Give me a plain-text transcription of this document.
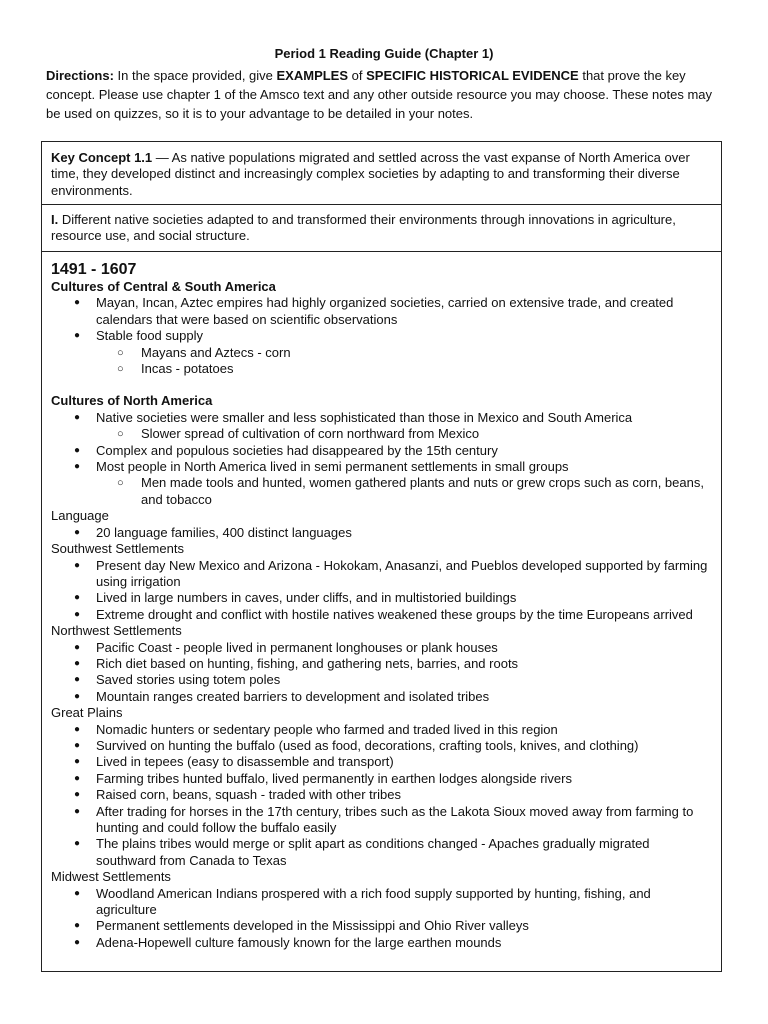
Period 1 Reading Guide (Chapter 1)
Directions: In the space provided, give EXAMPLES of SPECIFIC HISTORICAL EVIDENCE that prove the key concept. Please use chapter 1 of the Amsco text and any other outside resource you may choose. These notes may be used on quizzes, so it is to your advantage to be detailed in your notes.
Key Concept 1.1 — As native populations migrated and settled across the vast expanse of North America over time, they developed distinct and increasingly complex societies by adapting to and transforming their diverse environments.
I. Different native societies adapted to and transformed their environments through innovations in agriculture, resource use, and social structure.
1491 - 1607
Cultures of Central & South America
● Mayan, Incan, Aztec empires had highly organized societies, carried on extensive trade, and created calendars that were based on scientific observations
● Stable food supply
○ Mayans and Aztecs - corn
○ Incas - potatoes
Cultures of North America
● Native societies were smaller and less sophisticated than those in Mexico and South America
○ Slower spread of cultivation of corn northward from Mexico
● Complex and populous societies had disappeared by the 15th century
● Most people in North America lived in semi permanent settlements in small groups
○ Men made tools and hunted, women gathered plants and nuts or grew crops such as corn, beans, and tobacco
Language
● 20 language families, 400 distinct languages
Southwest Settlements
● Present day New Mexico and Arizona - Hokokam, Anasanzi, and Pueblos developed supported by farming using irrigation
● Lived in large numbers in caves, under cliffs, and in multistoried buildings
● Extreme drought and conflict with hostile natives weakened these groups by the time Europeans arrived
Northwest Settlements
● Pacific Coast - people lived in permanent longhouses or plank houses
● Rich diet based on hunting, fishing, and gathering nets, barries, and roots
● Saved stories using totem poles
● Mountain ranges created barriers to development and isolated tribes
Great Plains
● Nomadic hunters or sedentary people who farmed and traded lived in this region
● Survived on hunting the buffalo (used as food, decorations, crafting tools, knives, and clothing)
● Lived in tepees (easy to disassemble and transport)
● Farming tribes hunted buffalo, lived permanently in earthen lodges alongside rivers
● Raised corn, beans, squash - traded with other tribes
● After trading for horses in the 17th century, tribes such as the Lakota Sioux moved away from farming to hunting and could follow the buffalo easily
● The plains tribes would merge or split apart as conditions changed - Apaches gradually migrated southward from Canada to Texas
Midwest Settlements
● Woodland American Indians prospered with a rich food supply supported by hunting, fishing, and agriculture
● Permanent settlements developed in the Mississippi and Ohio River valleys
● Adena-Hopewell culture famously known for the large earthen mounds
